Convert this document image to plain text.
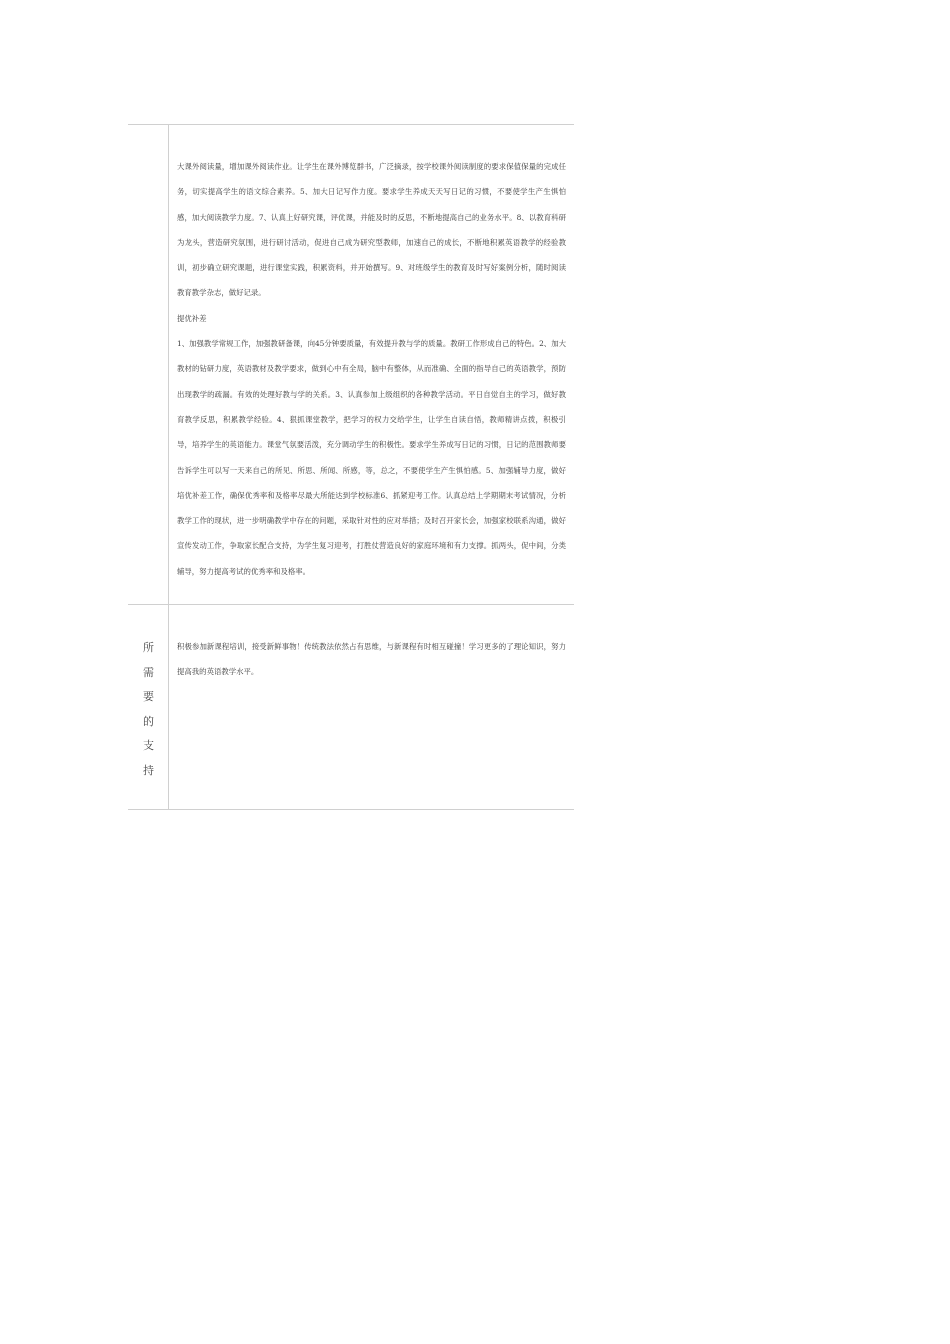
大课外阅读量，增加课外阅读作业。让学生在课外博览群书，广泛摘录，按学校课外阅读制度的要求保值保量的完成任务，切实提高学生的语文综合素养。5、加大日记写作力度。要求学生养成天天写日记的习惯，不要使学生产生惧怕感，加大阅读教学力度。7、认真上好研究课，评优课，并能及时的反思，不断地提高自己的业务水平。8、以教育科研为龙头，营造研究氛围，进行研讨活动，促进自己成为研究型教师，加速自己的成长，不断地积累英语教学的经验教训，初步确立研究课题，进行课堂实践，积累资料，并开始撰写。9、对班级学生的教育及时写好案例分析，随时阅读教育教学杂志，做好记录。

提优补差

1、加强教学常规工作，加强教研备课，向45分钟要质量，有效提升教与学的质量。教研工作形成自己的特色。2、加大教材的钻研力度，英语教材及教学要求，做到心中有全局，脑中有整体，从而准确、全面的指导自己的英语教学，预防出现教学的疏漏。有效的处理好教与学的关系。3、认真参加上级组织的各种教学活动。平日自觉自主的学习，做好教育教学反思，积累教学经验。4、狠抓课堂教学，把学习的权力交给学生，让学生自读自悟，教师精讲点拨，积极引导，培养学生的英语能力。课堂气氛要活泼，充分调动学生的积极性。要求学生养成写日记的习惯，日记的范围教师要告诉学生可以写一天来自己的所见、所思、所闻、所感，等，总之，不要使学生产生惧怕感。5、加强辅导力度，做好培优补差工作，确保优秀率和及格率尽最大所能达到学校标准6、抓紧迎考工作。认真总结上学期期末考试情况，分析教学工作的现状，进一步明确教学中存在的问题，采取针对性的应对举措；及时召开家长会，加强家校联系沟通，做好宣传发动工作，争取家长配合支持，为学生复习迎考，打胜仗营造良好的家庭环境和有力支撑。抓两头，促中间，分类辅导，努力提高考试的优秀率和及格率。

所
需
要
的
支
持

积极参加新课程培训，接受新鲜事物！传统教法依然占有思维，与新课程有时相互碰撞！学习更多的了理论知识，努力提高我的英语教学水平。
